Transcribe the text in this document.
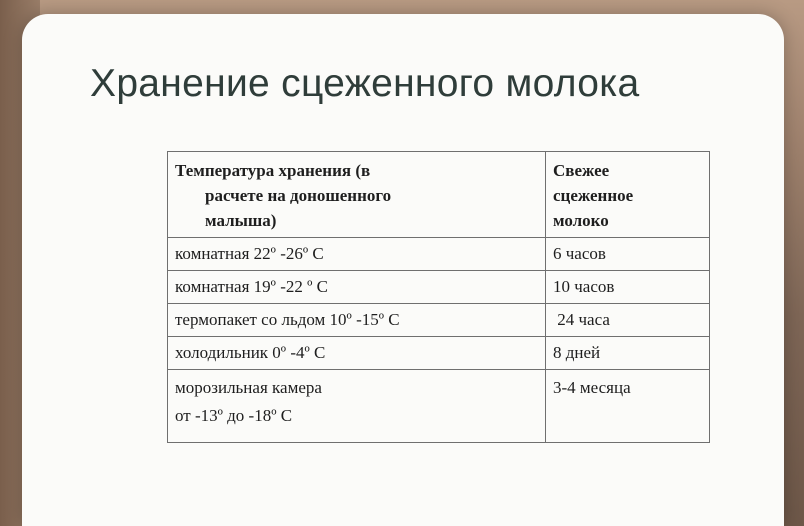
Хранение сцеженного молока
Температура хранения (в
расчете на доношенного
малыша)	Свежее
сцеженное
молоко

комнатная 22º -26º C	6 часов
комнатная 19º -22 º C	10 часов
термопакет со льдом 10º -15º C	24 часа
холодильник 0º -4º C	8 дней

морозильная камера
от -13º до -18º C	3-4 месяца
